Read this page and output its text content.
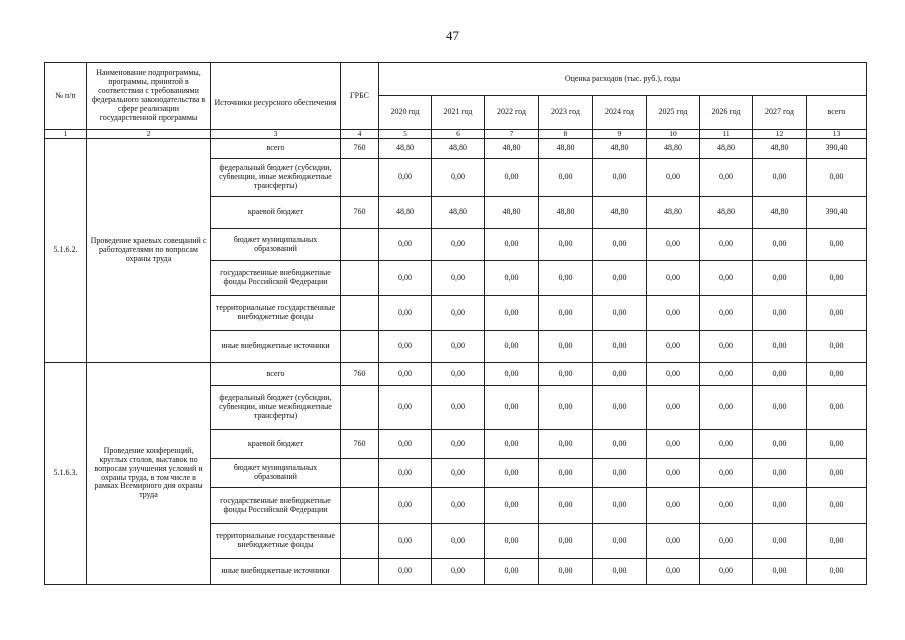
47
№ п/п	Наименование подпрограммы, программы, принятой в соответствии с требованиями федерального законодательства в сфере реализации государственной программы	Источники ресурсного обеспечения	ГРБС	Оценка расходов (тыс. руб.), годы								
				2020 год	2021 год	2022 год	2023 год	2024 год	2025 год	2026 год	2027 год	всего
1	2	3	4	5	6	7	8	9	10	11	12	13
5.1.6.2.	Проведение краевых совещаний с работодателями по вопросам охраны труда	всего	760	48,80	48,80	48,80	48,80	48,80	48,80	48,80	48,80	390,40
		федеральный бюджет (субсидии, субвенции, иные межбюджетные трансферты)		0,00	0,00	0,00	0,00	0,00	0,00	0,00	0,00	0,00
		краевой бюджет	760	48,80	48,80	48,80	48,80	48,80	48,80	48,80	48,80	390,40
		бюджет муниципальных образований		0,00	0,00	0,00	0,00	0,00	0,00	0,00	0,00	0,00
		государственные внебюджетные фонды Российской Федерации		0,00	0,00	0,00	0,00	0,00	0,00	0,00	0,00	0,00
		территориальные государственные внебюджетные фонды		0,00	0,00	0,00	0,00	0,00	0,00	0,00	0,00	0,00
		иные внебюджетные источники		0,00	0,00	0,00	0,00	0,00	0,00	0,00	0,00	0,00
5.1.6.3.	Проведение конференций, круглых столов, выставок по вопросам улучшения условий и охраны труда, в том числе в рамках Всемирного дня охраны труда	всего	760	0,00	0,00	0,00	0,00	0,00	0,00	0,00	0,00	0,00
		федеральный бюджет (субсидии, субвенции, иные межбюджетные трансферты)		0,00	0,00	0,00	0,00	0,00	0,00	0,00	0,00	0,00
		краевой бюджет	760	0,00	0,00	0,00	0,00	0,00	0,00	0,00	0,00	0,00
		бюджет муниципальных образований		0,00	0,00	0,00	0,00	0,00	0,00	0,00	0,00	0,00
		государственные внебюджетные фонды Российской Федерации		0,00	0,00	0,00	0,00	0,00	0,00	0,00	0,00	0,00
		территориальные государственные внебюджетные фонды		0,00	0,00	0,00	0,00	0,00	0,00	0,00	0,00	0,00
		иные внебюджетные источники		0,00	0,00	0,00	0,00	0,00	0,00	0,00	0,00	0,00
